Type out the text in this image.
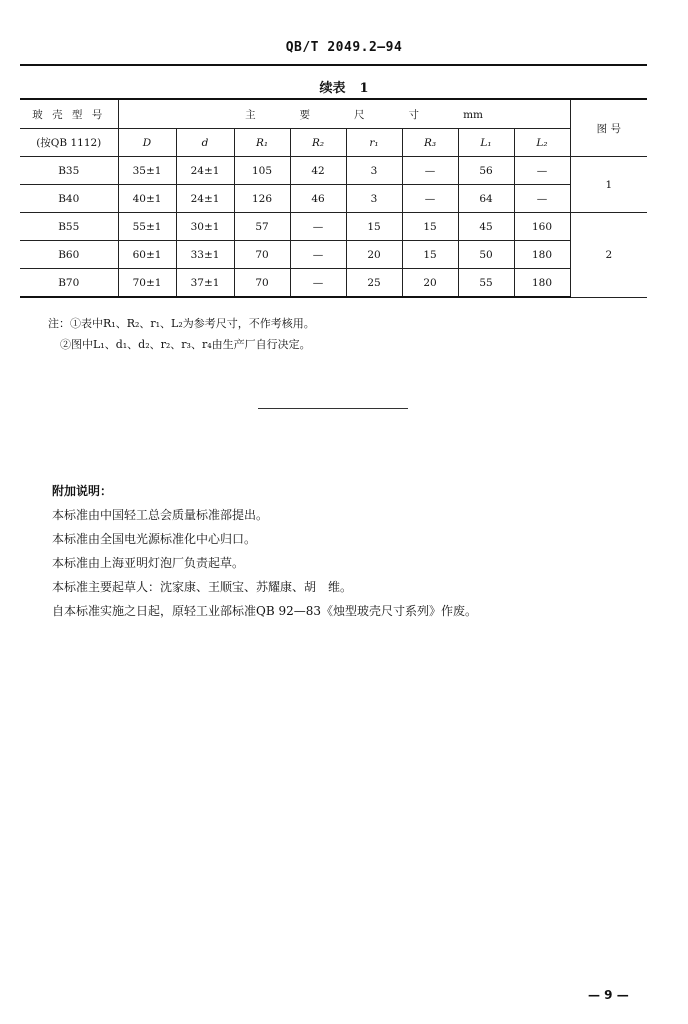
QB/T 2049.2—94
续表 1
玻 壳 型 号	主要尺寸mm								图 号
(按QB 1112)	D	d	R₁	R₂	r₁	R₃	L₁	L₂	
B35	35±1	24±1	105	42	3	—	56	—	1
B40	40±1	24±1	126	46	3	—	64	—	
B55	55±1	30±1	57	—	15	15	45	160	2
B60	60±1	33±1	70	—	20	15	50	180	
B70	70±1	37±1	70	—	25	20	55	180	
注：①表中R₁、R₂、r₁、L₂为参考尺寸，不作考核用。
②图中L₁、d₁、d₂、r₂、r₃、r₄由生产厂自行决定。
附加说明：
本标准由中国轻工总会质量标准部提出。
本标准由全国电光源标准化中心归口。
本标准由上海亚明灯泡厂负责起草。
本标准主要起草人：沈家康、王顺宝、苏耀康、胡　维。
自本标准实施之日起，原轻工业部标准QB 92—83《烛型玻壳尺寸系列》作废。
— 9 —
